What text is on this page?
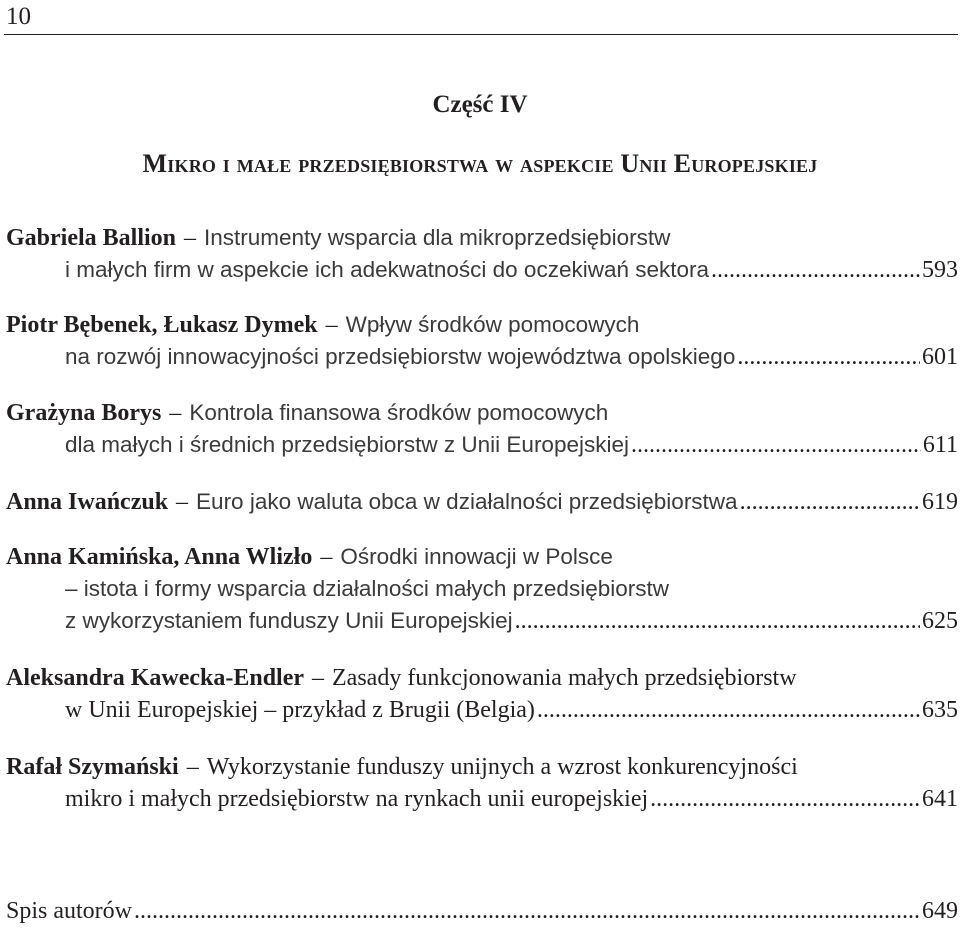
10
Część IV
Mikro i małe przedsiębiorstwa w aspekcie Unii Europejskiej
Gabriela Ballion – Instrumenty wsparcia dla mikroprzedsiębiorstw
i małych firm w aspekcie ich adekwatności do oczekiwań sektora .....	593
Piotr Bębenek, Łukasz Dymek – Wpływ środków pomocowych
na rozwój innowacyjności przedsiębiorstw województwa opolskiego .....	601
Grażyna Borys – Kontrola finansowa środków pomocowych
dla małych i średnich przedsiębiorstw z Unii Europejskiej .....	611
Anna Iwańczuk – Euro jako waluta obca w działalności przedsiębiorstwa .....	619
Anna Kamińska, Anna Wlizło – Ośrodki innowacji w Polsce
– istota i formy wsparcia działalności małych przedsiębiorstw
z wykorzystaniem funduszy Unii Europejskiej .....	625
Aleksandra Kawecka-Endler – Zasady funkcjonowania małych przedsiębiorstw
w Unii Europejskiej – przykład z Brugii (Belgia) .....	635
Rafał Szymański – Wykorzystanie funduszy unijnych a wzrost konkurencyjności
mikro i małych przedsiębiorstw na rynkach unii europejskiej .....	641
Spis autorów .....	649
